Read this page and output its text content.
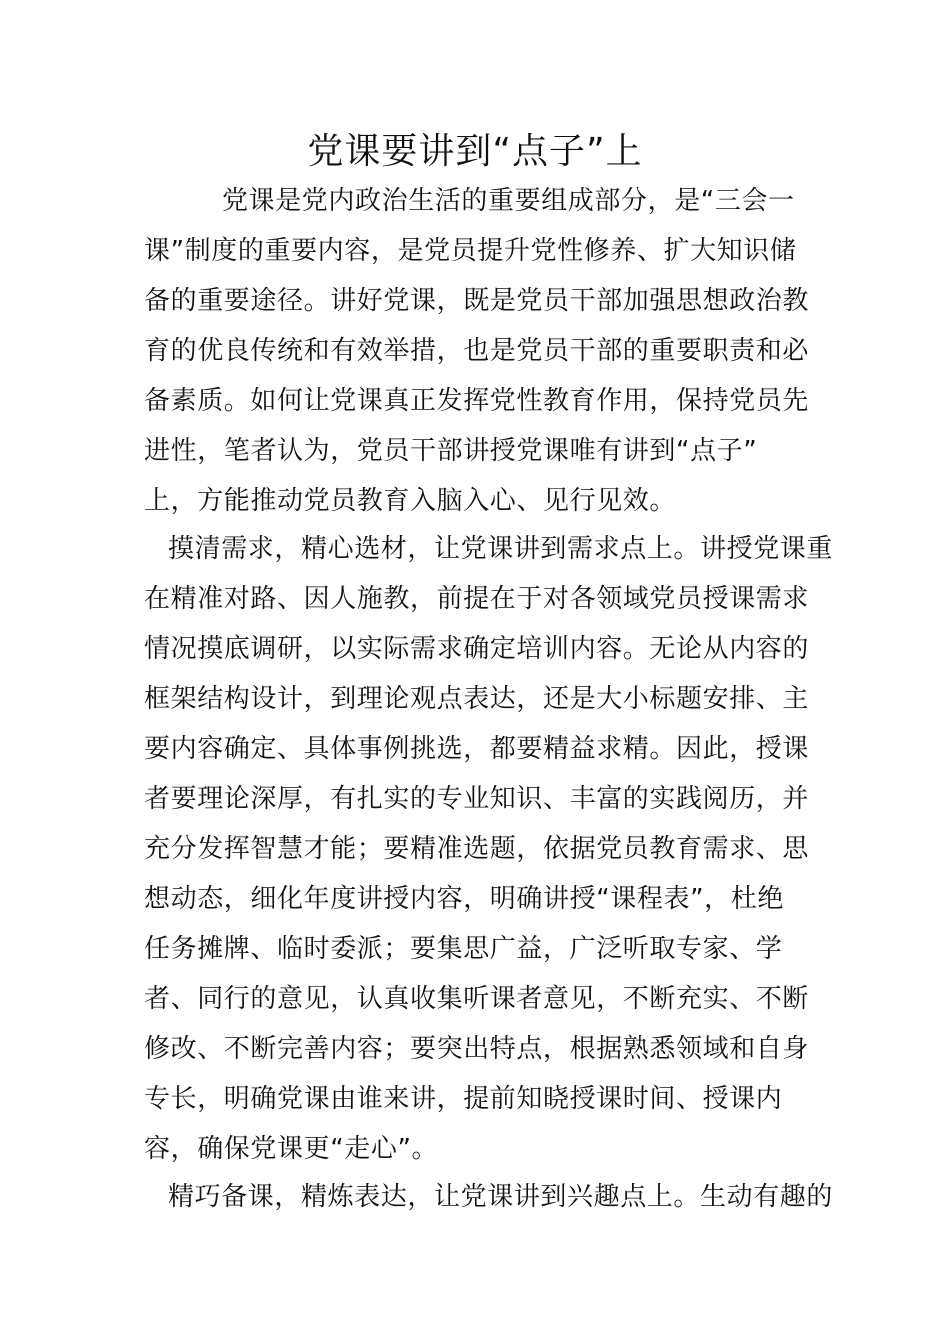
党课要讲到“点子”上
党课是党内政治生活的重要组成部分，是“三会一
课”制度的重要内容，是党员提升党性修养、扩大知识储
备的重要途径。讲好党课，既是党员干部加强思想政治教
育的优良传统和有效举措，也是党员干部的重要职责和必
备素质。如何让党课真正发挥党性教育作用，保持党员先
进性，笔者认为，党员干部讲授党课唯有讲到“点子”
上，方能推动党员教育入脑入心、见行见效。
摸清需求，精心选材，让党课讲到需求点上。讲授党课重
在精准对路、因人施教，前提在于对各领域党员授课需求
情况摸底调研，以实际需求确定培训内容。无论从内容的
框架结构设计，到理论观点表达，还是大小标题安排、主
要内容确定、具体事例挑选，都要精益求精。因此，授课
者要理论深厚，有扎实的专业知识、丰富的实践阅历，并
充分发挥智慧才能；要精准选题，依据党员教育需求、思
想动态，细化年度讲授内容，明确讲授“课程表”，杜绝
任务摊牌、临时委派；要集思广益，广泛听取专家、学
者、同行的意见，认真收集听课者意见，不断充实、不断
修改、不断完善内容；要突出特点，根据熟悉领域和自身
专长，明确党课由谁来讲，提前知晓授课时间、授课内
容，确保党课更“走心”。
精巧备课，精炼表达，让党课讲到兴趣点上。生动有趣的
